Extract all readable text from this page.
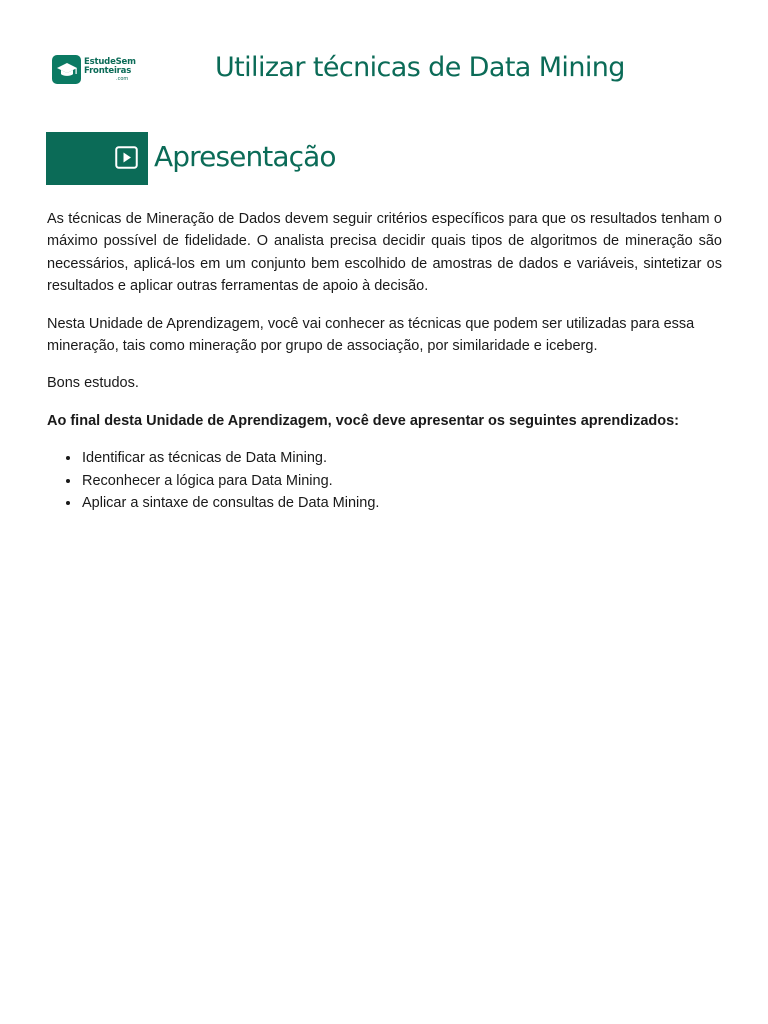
EstudeSem
Fronteiras
.com	Utilizar técnicas de Data Mining
Apresentação

As técnicas de Mineração de Dados devem seguir critérios específicos para que os resultados tenham o máximo possível de fidelidade. O analista precisa decidir quais tipos de algoritmos de mineração são necessários, aplicá-los em um conjunto bem escolhido de amostras de dados e variáveis, sintetizar os resultados e aplicar outras ferramentas de apoio à decisão.

Nesta Unidade de Aprendizagem, você vai conhecer as técnicas que podem ser utilizadas para essa mineração, tais como mineração por grupo de associação, por similaridade e iceberg.

Bons estudos.

Ao final desta Unidade de Aprendizagem, você deve apresentar os seguintes aprendizados:

• Identificar as técnicas de Data Mining.
• Reconhecer a lógica para Data Mining.
• Aplicar a sintaxe de consultas de Data Mining.
